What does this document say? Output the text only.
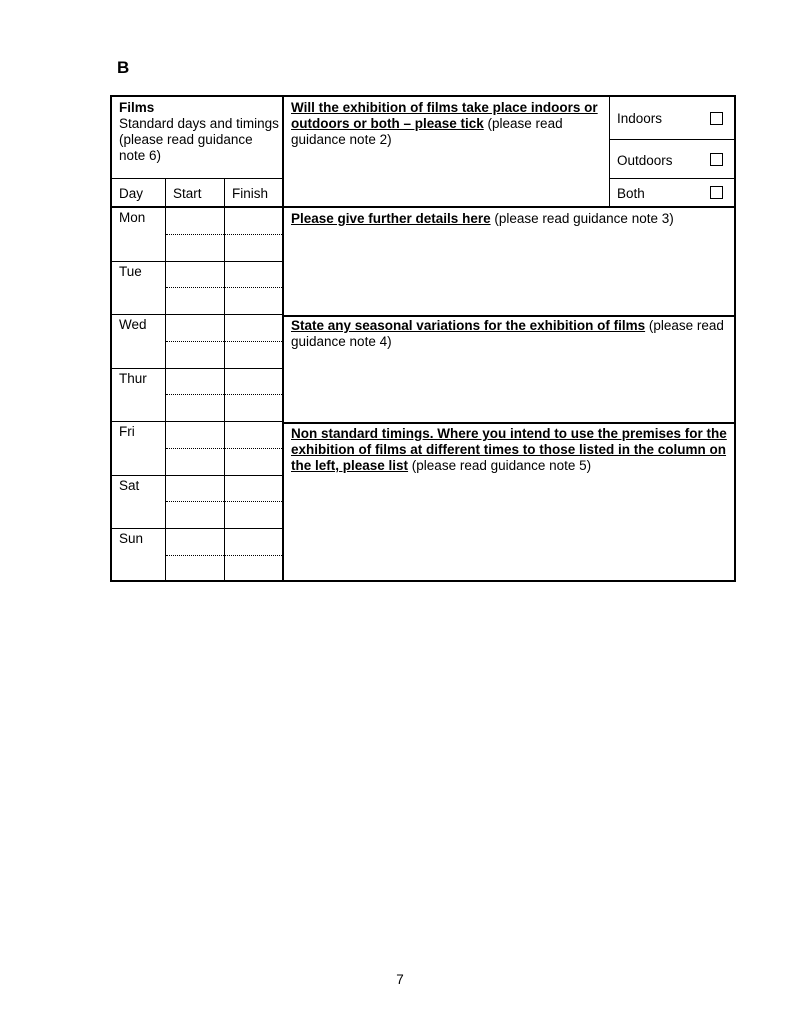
B
Films
Standard days and timings (please read guidance note 6)
Day Start Finish
Will the exhibition of films take place indoors or outdoors or both – please tick (please read guidance note 2)
Indoors
Outdoors
Both
Please give further details here (please read guidance note 3)
State any seasonal variations for the exhibition of films (please read guidance note 4)
Non standard timings. Where you intend to use the premises for the exhibition of films at different times to those listed in the column on the left, please list (please read guidance note 5)
Mon
Tue
Wed
Thur
Fri
Sat
Sun
7
